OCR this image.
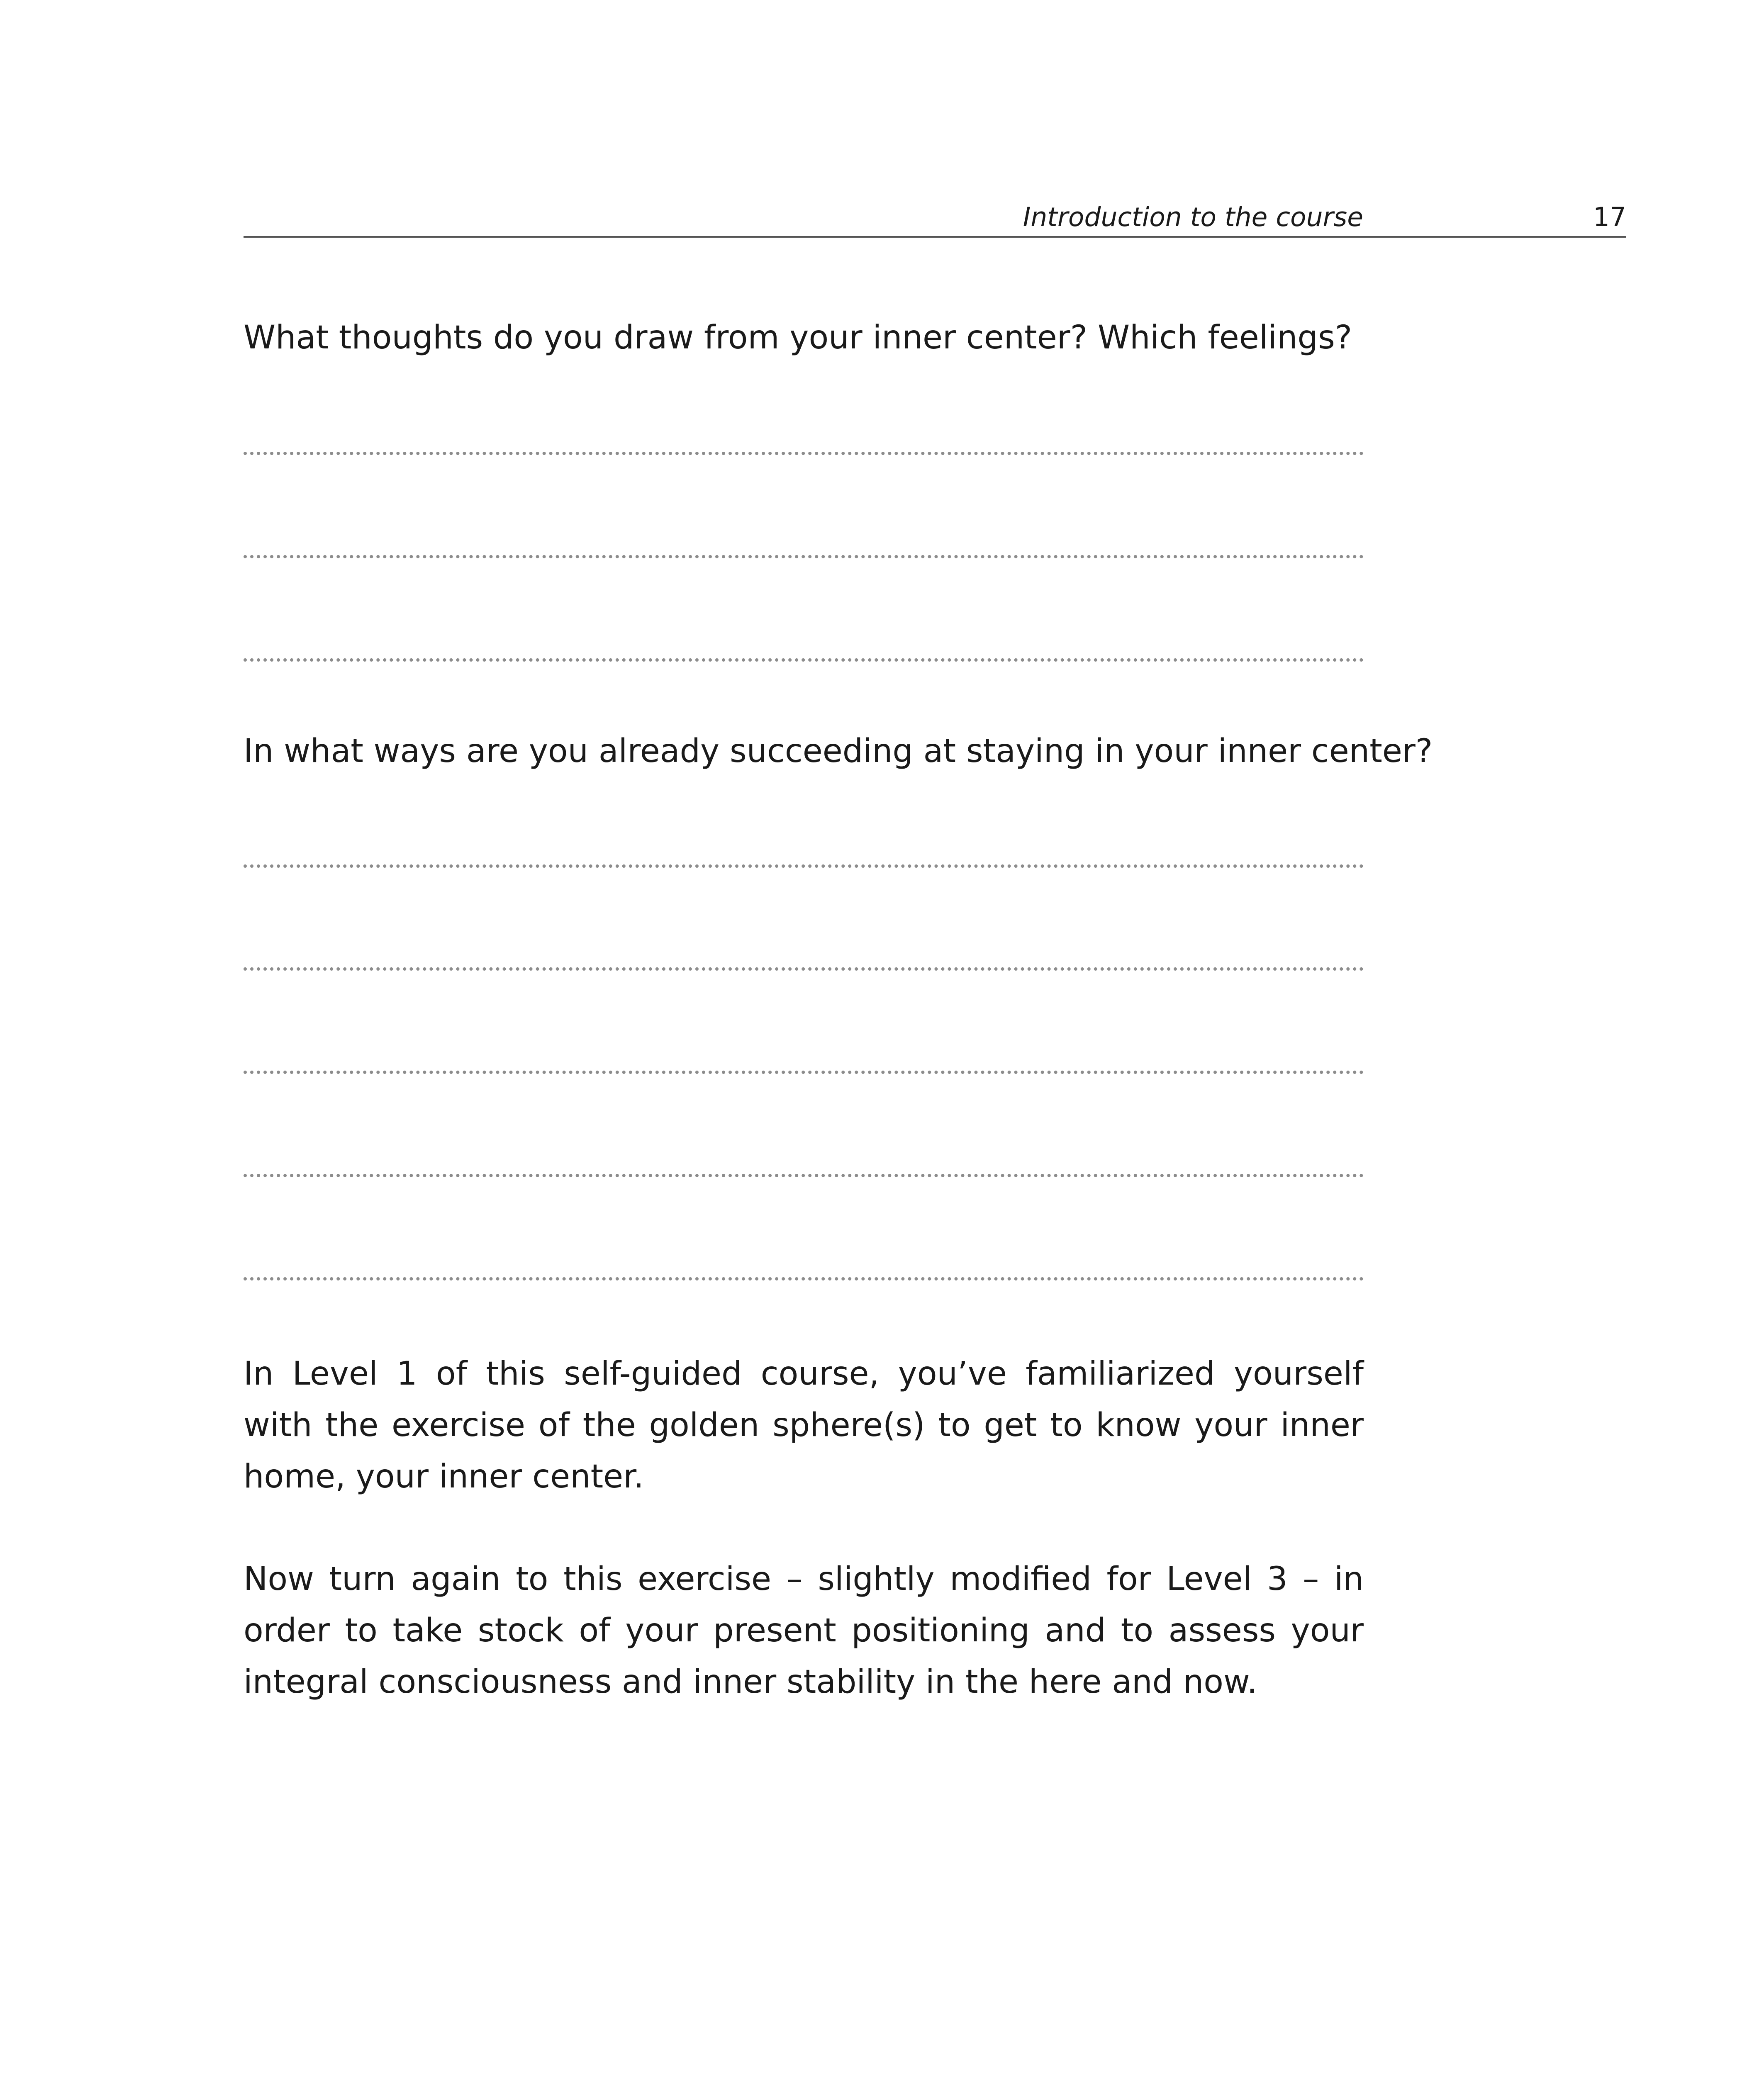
Introduction to the course	17
What thoughts do you draw from your inner center? Which feelings?
In what ways are you already succeeding at staying in your inner center?

In Level 1 of this self-guided course, you’ve familiarized yourself with the exercise of the golden sphere(s) to get to know your inner home, your inner center.

Now turn again to this exercise – slightly modified for Level 3 – in order to take stock of your present positioning and to assess your integral consciousness and inner stability in the here and now.
